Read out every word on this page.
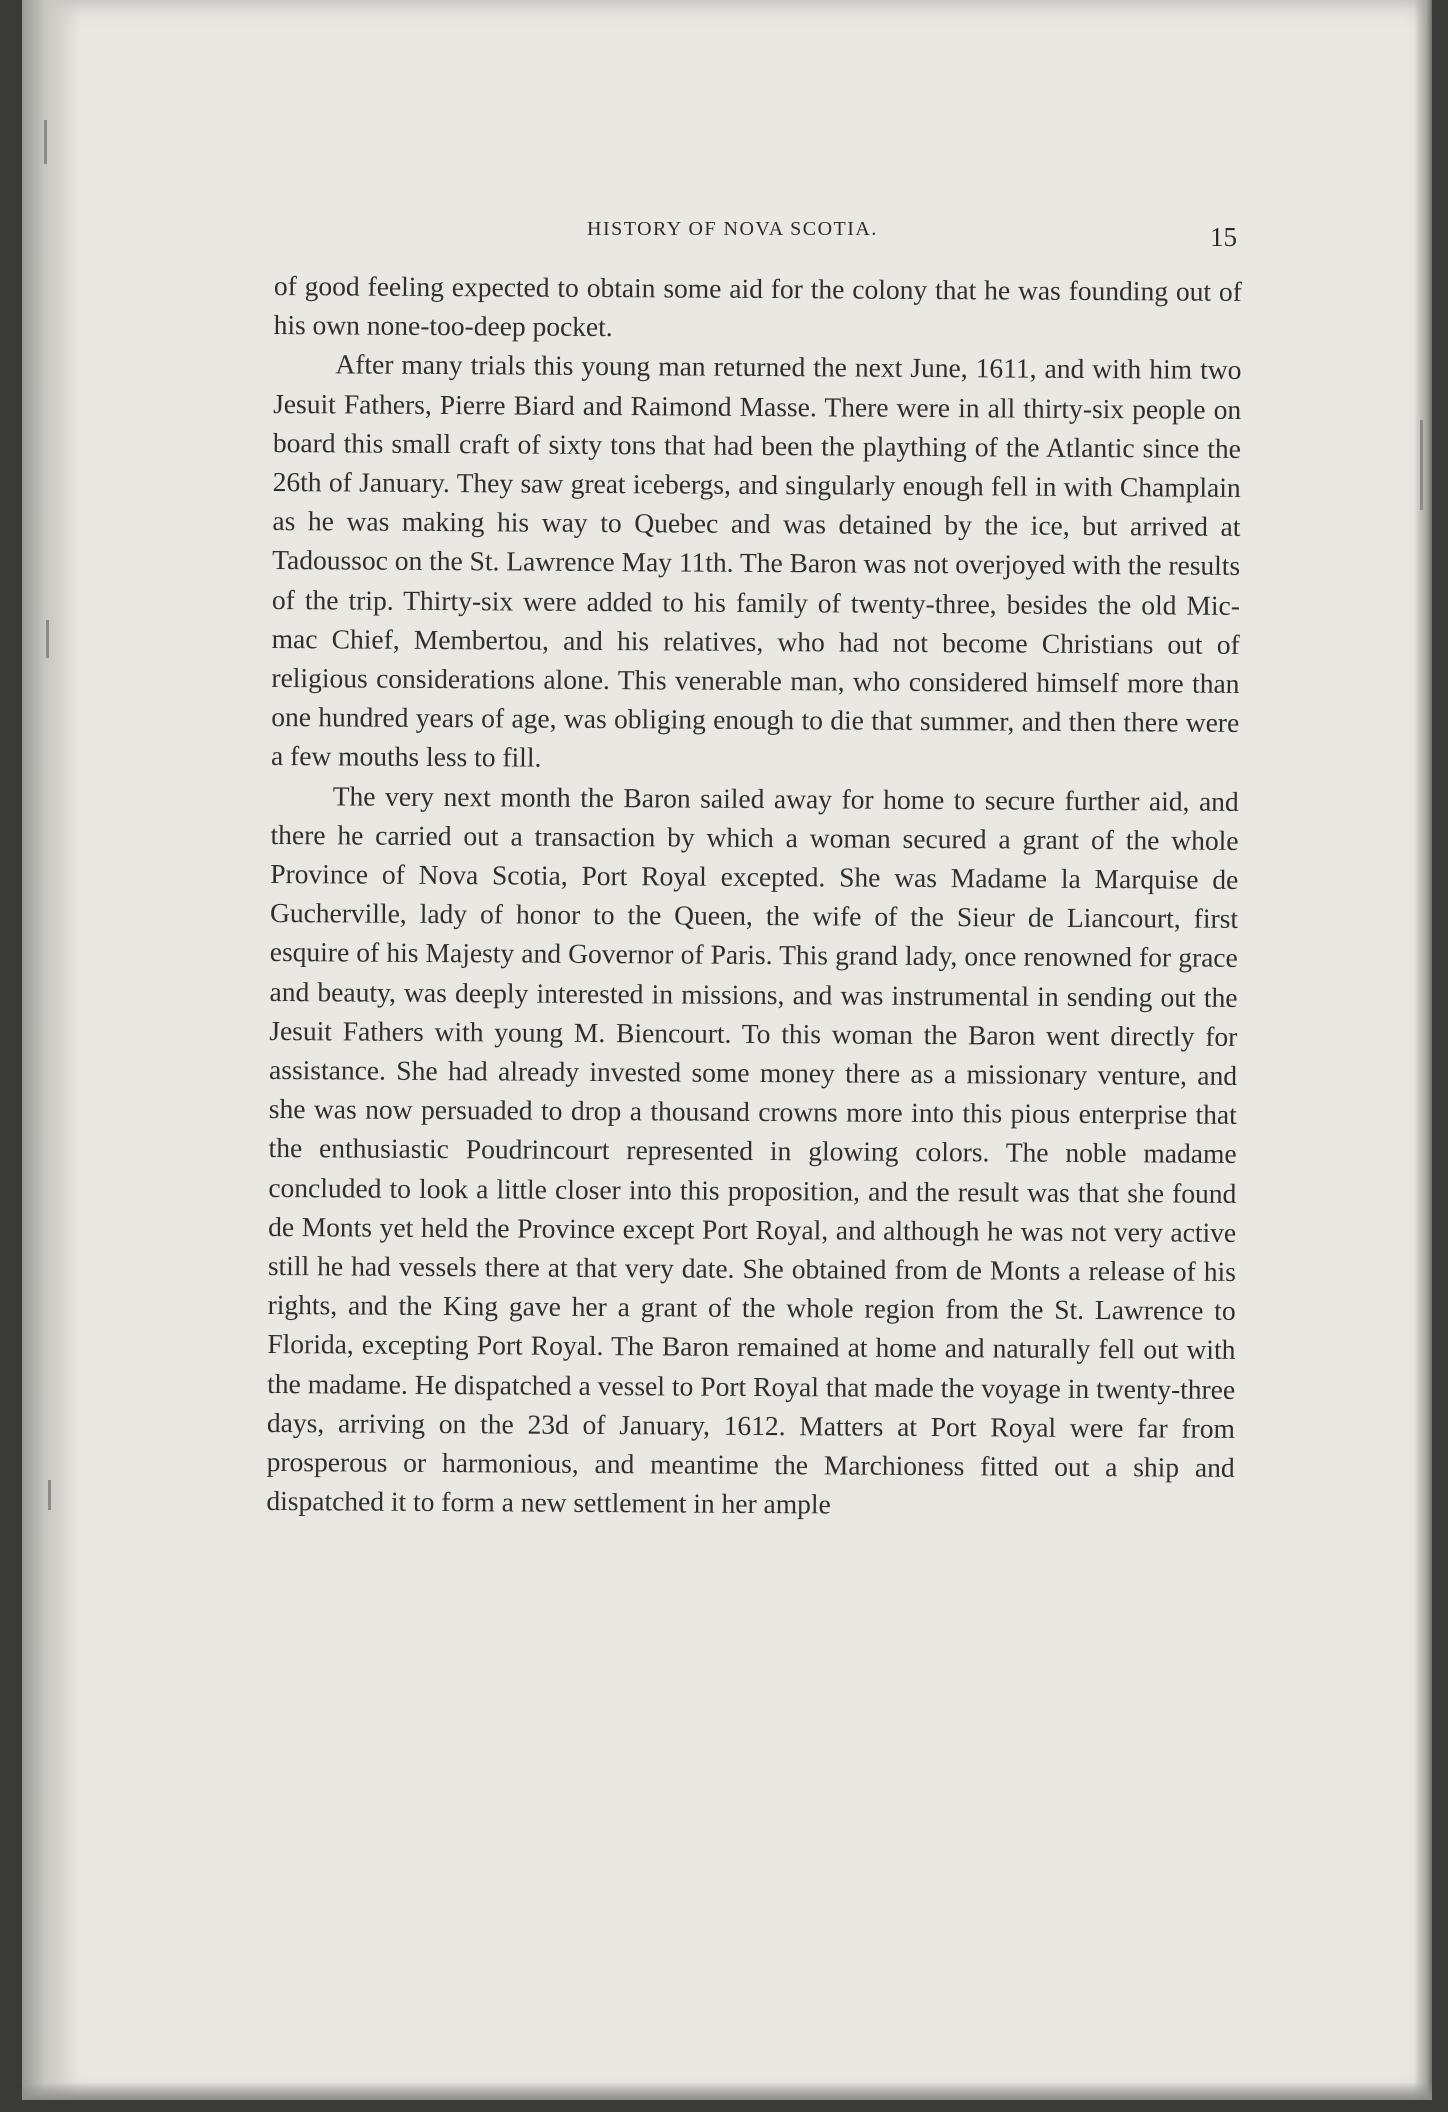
HISTORY OF NOVA SCOTIA.	15

of good feeling expected to obtain some aid for the colony that he was founding out of his own none-too-deep pocket.

After many trials this young man returned the next June, 1611, and with him two Jesuit Fathers, Pierre Biard and Raimond Masse. There were in all thirty-six people on board this small craft of sixty tons that had been the plaything of the Atlantic since the 26th of January. They saw great icebergs, and singularly enough fell in with Champlain as he was making his way to Quebec and was detained by the ice, but arrived at Tadoussoc on the St. Lawrence May 11th. The Baron was not overjoyed with the results of the trip. Thirty-six were added to his family of twenty-three, besides the old Mic-mac Chief, Membertou, and his relatives, who had not become Christians out of religious considerations alone. This venerable man, who considered himself more than one hundred years of age, was obliging enough to die that summer, and then there were a few mouths less to fill.

The very next month the Baron sailed away for home to secure further aid, and there he carried out a transaction by which a woman secured a grant of the whole Province of Nova Scotia, Port Royal excepted. She was Madame la Marquise de Gucherville, lady of honor to the Queen, the wife of the Sieur de Liancourt, first esquire of his Majesty and Governor of Paris. This grand lady, once renowned for grace and beauty, was deeply interested in missions, and was instrumental in sending out the Jesuit Fathers with young M. Biencourt. To this woman the Baron went directly for assistance. She had already invested some money there as a missionary venture, and she was now persuaded to drop a thousand crowns more into this pious enterprise that the enthusiastic Poudrincourt represented in glowing colors. The noble madame concluded to look a little closer into this proposition, and the result was that she found de Monts yet held the Province except Port Royal, and although he was not very active still he had vessels there at that very date. She obtained from de Monts a release of his rights, and the King gave her a grant of the whole region from the St. Lawrence to Florida, excepting Port Royal. The Baron remained at home and naturally fell out with the madame. He dispatched a vessel to Port Royal that made the voyage in twenty-three days, arriving on the 23d of January, 1612. Matters at Port Royal were far from prosperous or harmonious, and meantime the Marchioness fitted out a ship and dispatched it to form a new settlement in her ample
